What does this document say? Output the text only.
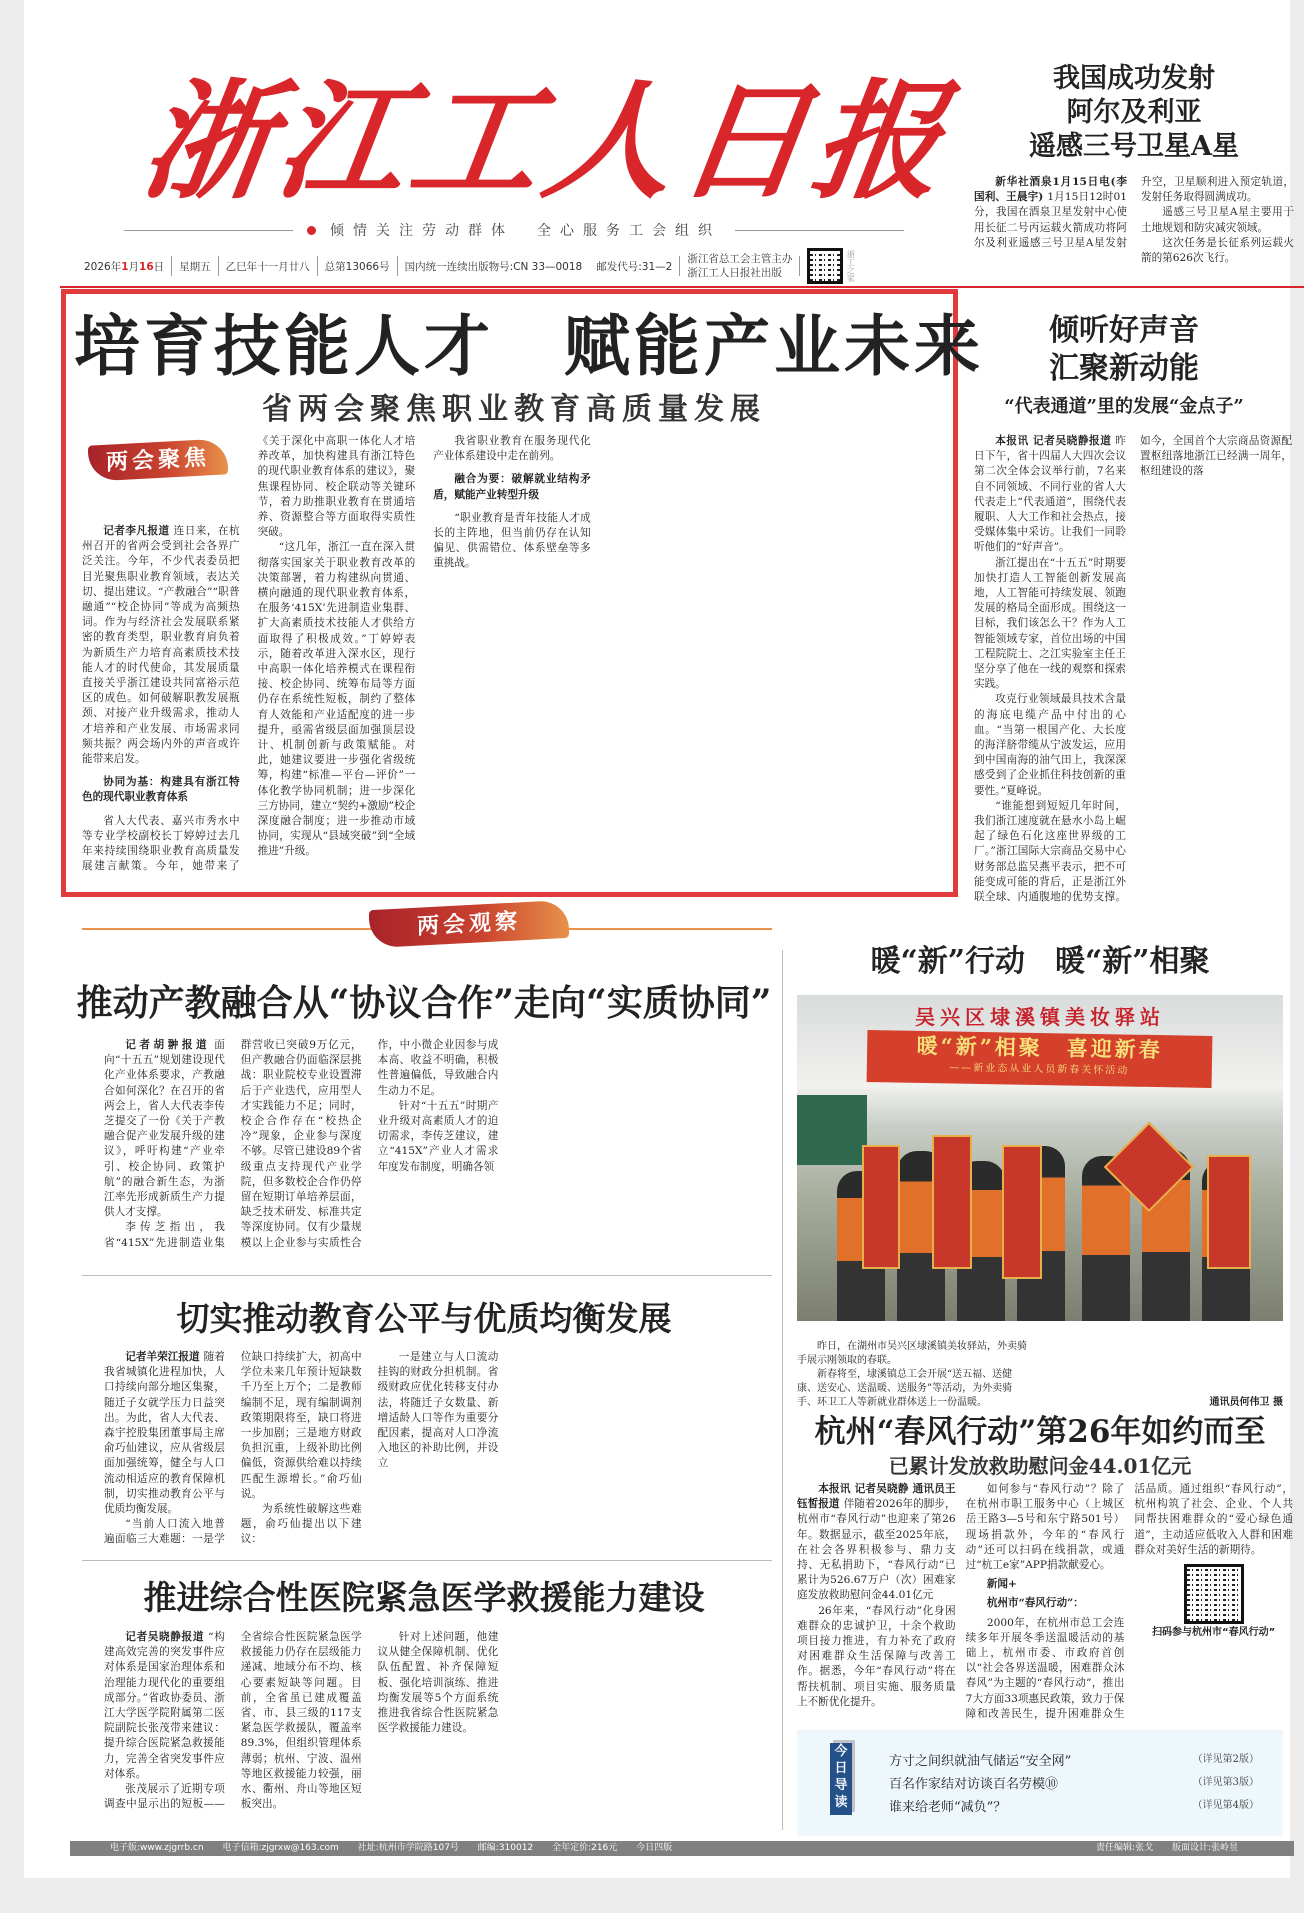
浙江工人日报
倾情关注劳动群体　全心服务工会组织
2026年1月16日 星期五 乙巳年十一月廿八 总第13066号 国内统一连续出版物号:CN 33—0018 邮发代号:31—2
浙江省总工会主管主办
浙江工人日报社出版	浙工之家
我国成功发射
阿尔及利亚
遥感三号卫星A星

新华社酒泉1月15日电(李国利、王晨宇) 1月15日12时01分，我国在酒泉卫星发射中心使用长征二号丙运载火箭成功将阿尔及利亚遥感三号卫星A星发射升空，卫星顺利进入预定轨道，发射任务取得圆满成功。

遥感三号卫星A星主要用于土地规划和防灾减灾领域。

这次任务是长征系列运载火箭的第626次飞行。

培育技能人才　赋能产业未来
省两会聚焦职业教育高质量发展
两会聚焦

记者李凡报道 连日来，在杭州召开的省两会受到社会各界广泛关注。今年，不少代表委员把目光聚焦职业教育领域，表达关切、提出建议。“产教融合”“职普融通”“校企协同”等成为高频热词。作为与经济社会发展联系紧密的教育类型，职业教育肩负着为新质生产力培育高素质技术技能人才的时代使命，其发展质量直接关乎浙江建设共同富裕示范区的成色。如何破解职教发展瓶颈、对接产业升级需求，推动人才培养和产业发展、市场需求同频共振？两会场内外的声音或许能带来启发。

协同为基：构建具有浙江特色的现代职业教育体系

省人大代表、嘉兴市秀水中等专业学校副校长丁婷婷过去几年来持续围绕职业教育高质量发展建言献策。今年，她带来了《关于深化中高职一体化人才培养改革，加快构建具有浙江特色的现代职业教育体系的建议》，聚焦课程协同、校企联动等关键环节，着力助推职业教育在贯通培养、资源整合等方面取得实质性突破。

“这几年，浙江一直在深入贯彻落实国家关于职业教育改革的决策部署，着力构建纵向贯通、横向融通的现代职业教育体系，在服务‘415X’先进制造业集群、扩大高素质技术技能人才供给方面取得了积极成效。”丁婷婷表示，随着改革进入深水区，现行中高职一体化培养模式在课程衔接、校企协同、统筹布局等方面仍存在系统性短板，制约了整体育人效能和产业适配度的进一步提升，亟需省级层面加强顶层设计、机制创新与政策赋能。对此，她建议要进一步强化省级统筹，构建“标准—平台—评价”一体化教学协同机制；进一步深化三方协同，建立“契约+激励”校企深度融合制度；进一步推动市域协同，实现从“县域突破”到“全域推进”升级。

我省职业教育在服务现代化产业体系建设中走在前列。

融合为要：破解就业结构矛盾，赋能产业转型升级

“职业教育是青年技能人才成长的主阵地，但当前仍存在认知偏见、供需错位、体系壁垒等多重挑战。

倾听好声音
汇聚新动能
“代表通道”里的发展“金点子”

本报讯 记者吴晓静报道 昨日下午，省十四届人大四次会议第二次全体会议举行前，7名来自不同领域、不同行业的省人大代表走上“代表通道”，围绕代表履职、人大工作和社会热点，接受媒体集中采访。让我们一同聆听他们的“好声音”。

浙江提出在“十五五”时期要加快打造人工智能创新发展高地，人工智能可持续发展、领跑发展的格局全面形成。围绕这一目标，我们该怎么干？作为人工智能领域专家，首位出场的中国工程院院士、之江实验室主任王坚分享了他在一线的观察和探索实践。

攻克行业领域最具技术含量的海底电缆产品中付出的心血。“当第一根国产化、大长度的海洋脐带缆从宁波发运，应用到中国南海的油气田上，我深深感受到了企业抓住科技创新的重要性。”夏峰说。

“谁能想到短短几年时间，我们浙江速度就在悬水小岛上崛起了绿色石化这座世界级的工厂。”浙江国际大宗商品交易中心财务部总监吴燕平表示，把不可能变成可能的背后，正是浙江外联全球、内通腹地的优势支撑。如今，全国首个大宗商品资源配置枢纽落地浙江已经满一周年，枢纽建设的落

两会观察
推动产教融合从“协议合作”走向“实质协同”

记者胡翀报道 面向“十五五”规划建设现代化产业体系要求，产教融合如何深化？在召开的省两会上，省人大代表李传芝提交了一份《关于产教融合促产业发展升级的建议》，呼吁构建“产业牵引、校企协同、政策护航”的融合新生态，为浙江率先形成新质生产力提供人才支撑。

李传芝指出，我省“415X”先进制造业集群营收已突破9万亿元，但产教融合仍面临深层挑战：职业院校专业设置滞后于产业迭代，应用型人才实践能力不足；同时，校企合作存在“校热企冷”现象，企业参与深度不够。尽管已建设89个省级重点支持现代产业学院，但多数校企合作仍停留在短期订单培养层面，缺乏技术研发、标准共定等深度协同。仅有少量规模以上企业参与实质性合作，中小微企业因参与成本高、收益不明确，积极性普遍偏低，导致融合内生动力不足。

针对“十五五”时期产业升级对高素质人才的迫切需求，李传芝建议，建立“415X”产业人才需求年度发布制度，明确各领

切实推动教育公平与优质均衡发展

记者羊荣江报道 随着我省城镇化进程加快，人口持续向部分地区集聚，随迁子女就学压力日益突出。为此，省人大代表、森宇控股集团董事局主席俞巧仙建议，应从省级层面加强统筹，健全与人口流动相适应的教育保障机制，切实推动教育公平与优质均衡发展。

“当前人口流入地普遍面临三大难题：一是学位缺口持续扩大，初高中学位未来几年预计短缺数千乃至上万个；二是教师编制不足，现有编制调剂政策期限将至，缺口将进一步加剧；三是地方财政负担沉重，上级补助比例偏低，资源供给难以持续匹配生源增长。”俞巧仙说。

为系统性破解这些难题，俞巧仙提出以下建议：

一是建立与人口流动挂钩的财政分担机制。省级财政应优化转移支付办法，将随迁子女数量、新增适龄人口等作为重要分配因素，提高对人口净流入地区的补助比例，并设立

推进综合性医院紧急医学救援能力建设

记者吴晓静报道 “构建高效完善的突发事件应对体系是国家治理体系和治理能力现代化的重要组成部分。”省政协委员、浙江大学医学院附属第二医院副院长张茂带来建议：提升综合医院紧急救援能力，完善全省突发事件应对体系。

张茂展示了近期专项调查中显示出的短板——全省综合性医院紧急医学救援能力仍存在层级能力递减、地域分布不均、核心要素短缺等问题。目前，全省虽已建成覆盖省、市、县三级的117支紧急医学救援队，覆盖率89.3%，但组织管理体系薄弱；杭州、宁波、温州等地区救援能力较强，丽水、衢州、舟山等地区短板突出。

针对上述问题，他建议从健全保障机制、优化队伍配置、补齐保障短板、强化培训演练、推进均衡发展等5个方面系统推进我省综合性医院紧急医学救援能力建设。

暖“新”行动　暖“新”相聚
吴兴区埭溪镇美妆驿站
暖“新”相聚　喜迎新春
——新业态从业人员新春关怀活动
昨日，在湖州市吴兴区埭溪镇美妆驿站，外卖骑手展示刚领取的春联。
新春将至，埭溪镇总工会开展“送五福、送健康、送安心、送温暖、送服务”等活动，为外卖骑手、环卫工人等新就业群体送上一份温暖。	通讯员何伟卫 摄
杭州“春风行动”第26年如约而至
已累计发放救助慰问金44.01亿元

本报讯 记者吴晓静 通讯员王钰皙报道 伴随着2026年的脚步，杭州市“春风行动”也迎来了第26年。数据显示，截至2025年底，在社会各界积极参与、鼎力支持、无私捐助下，“春风行动”已累计为526.67万户（次）困难家庭发放救助慰问金44.01亿元

26年来，“春风行动”化身困难群众的忠诚护卫，十余个救助项目接力推进，有力补充了政府对困难群众生活保障与改善工作。据悉，今年“春风行动”将在帮扶机制、项目实施、服务质量上不断优化提升。

如何参与“春风行动”？除了在杭州市职工服务中心（上城区岳王路3—5号和东宁路501号）现场捐款外，今年的“春风行动”还可以扫码在线捐款，或通过“杭工e家”APP捐款献爱心。

新闻+

杭州市“春风行动”：

2000年，在杭州市总工会连续多年开展冬季送温暖活动的基础上，杭州市委、市政府首创以“社会各界送温暖，困难群众沐春风”为主题的“春风行动”，推出7大方面33项惠民政策，致力于保障和改善民生，提升困难群众生活品质。通过组织“春风行动”，杭州构筑了社会、企业、个人共同帮扶困难群众的“爱心绿色通道”，主动适应低收入人群和困难群众对美好生活的新期待。

扫码参与杭州市“春风行动”
今日导读
方寸之间织就油气储运“安全网”	（详见第2版）
百名作家结对访谈百名劳模⑩	（详见第3版）
谁来给老师“减负”？	（详见第4版）
电子版:www.zjgrrb.cn 电子信箱:zjgrxw@163.com 社址:杭州市学院路107号 邮编:310012 全年定价:216元 今日四版	责任编辑:张戈 版面设计:张岭昱
